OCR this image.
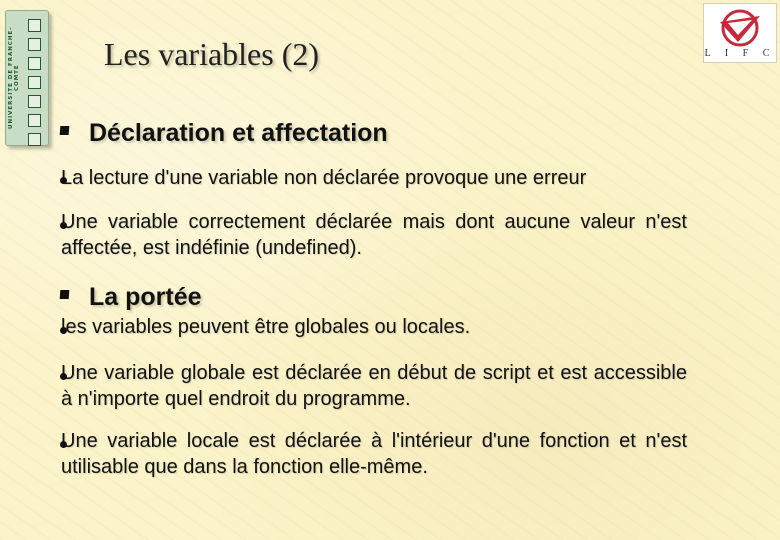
UNIVERSITE DE FRANCHE-COMTE
L I F C
Les variables (2)
Déclaration et affectation

La lecture d'une variable non déclarée provoque une erreur

Une variable correctement déclarée mais dont aucune valeur n'est affectée, est indéfinie (undefined).

La portée

les variables peuvent être globales ou locales.

Une variable globale est déclarée en début de script et est accessible à n'importe quel endroit du programme.

Une variable locale est déclarée à l'intérieur d'une fonction et n'est utilisable que dans la fonction elle-même.
